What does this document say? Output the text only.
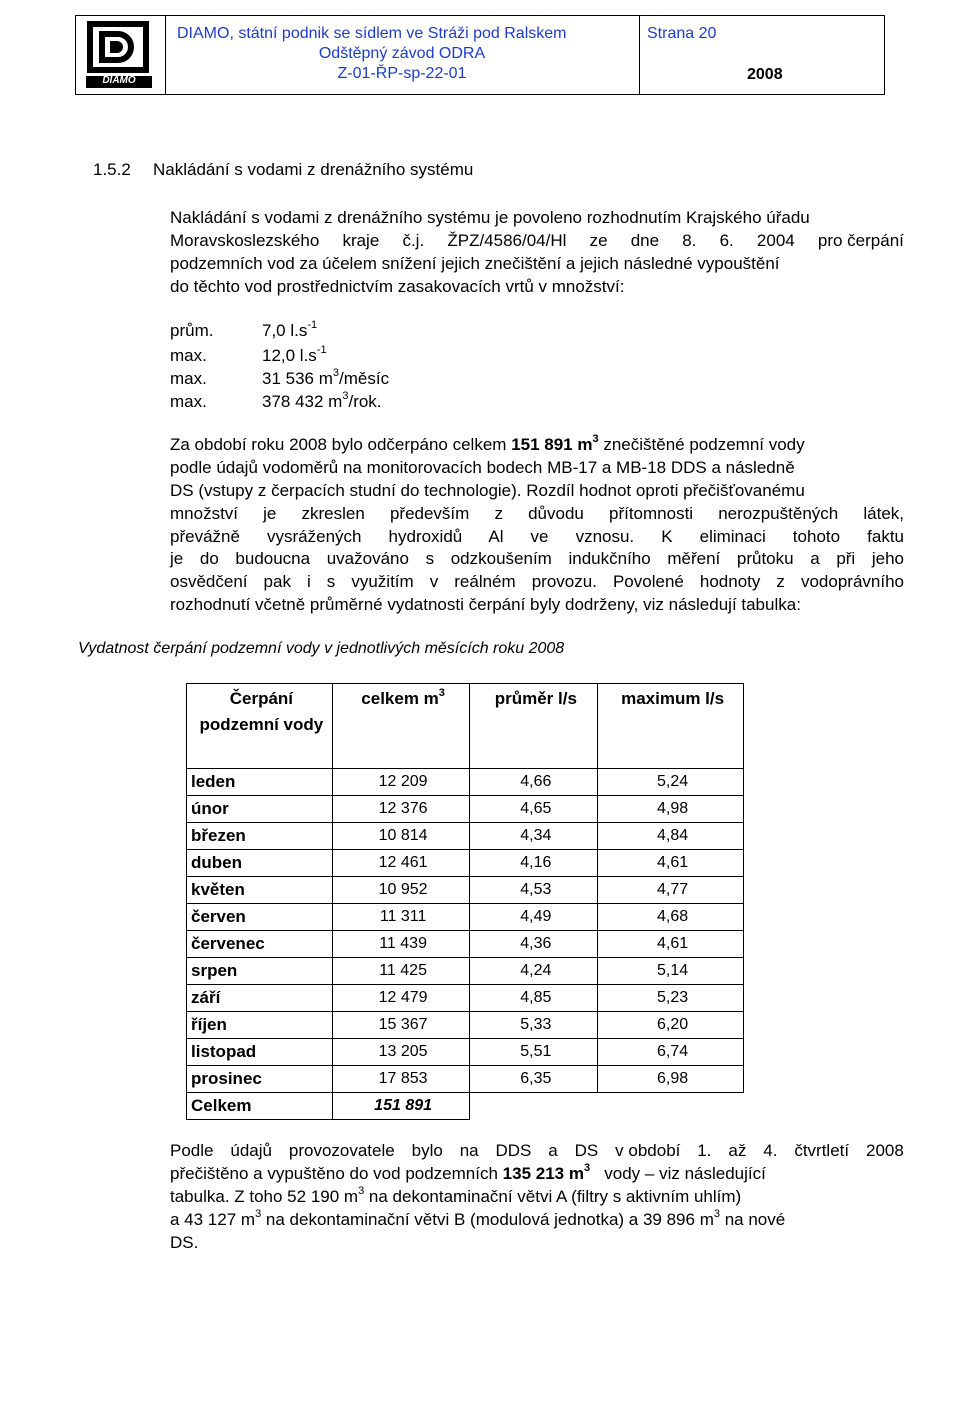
DIAMO
DIAMO, státní podnik se sídlem ve Stráži pod Ralskem
Odštěpný závod ODRA
Z-01-ŘP-sp-22-01
Strana 20
2008
1.5.2 Nakládání s vodami z drenážního systému
Nakládání s vodami z drenážního systému je povoleno rozhodnutím Krajského úřadu
Moravskoslezského kraje č.j. ŽPZ/4586/04/Hl ze dne 8. 6. 2004 pro čerpání
podzemních vod za účelem snížení jejich znečištění a jejich následné vypouštění
do těchto vod prostřednictvím zasakovacích vrtů v množství:
prům.	7,0 $l.s^{-1}$
max.	12,0 $l.s^{-1}$
max.	31 536 $m^3$/měsíc
max.	378 432 $m^3$/rok.
Za období roku 2008 bylo odčerpáno celkem 151 891 $m^3$ znečištěné podzemní vody
podle údajů vodoměrů na monitorovacích bodech MB-17 a MB-18 DDS a následně
DS (vstupy z čerpacích studní do technologie). Rozdíl hodnot oproti přečišťovanému
množství je zkreslen především z důvodu přítomnosti nerozpuštěných látek,
převážně vysrážených hydroxidů Al ve vznosu. K eliminaci tohoto faktu
je do budoucna uvažováno s odzkoušením indukčního měření průtoku a při jeho
osvědčení pak i s využitím v reálném provozu. Povolené hodnoty z vodoprávního
rozhodnutí včetně průměrné vydatnosti čerpání byly dodrženy, viz následují tabulka:
Vydatnost čerpání podzemní vody v jednotlivých měsících roku 2008
Čerpání podzemní vody	celkem $m^3$	průměr l/s	maximum l/s
leden	12 209	4,66	5,24
únor	12 376	4,65	4,98
březen	10 814	4,34	4,84
duben	12 461	4,16	4,61
květen	10 952	4,53	4,77
červen	11 311	4,49	4,68
červenec	11 439	4,36	4,61
srpen	11 425	4,24	5,14
září	12 479	4,85	5,23
říjen	15 367	5,33	6,20
listopad	13 205	5,51	6,74
prosinec	17 853	6,35	6,98
Celkem	151 891		
Podle údajů provozovatele bylo na DDS a DS v období 1. až 4. čtvrtletí 2008
přečištěno a vypuštěno do vod podzemních 135 213 $m^3$ vody – viz následující
tabulka. Z toho 52 190 $m^3$ na dekontaminační větvi A (filtry s aktivním uhlím)
a 43 127 $m^3$ na dekontaminační větvi B (modulová jednotka) a 39 896 $m^3$ na nové
DS.
